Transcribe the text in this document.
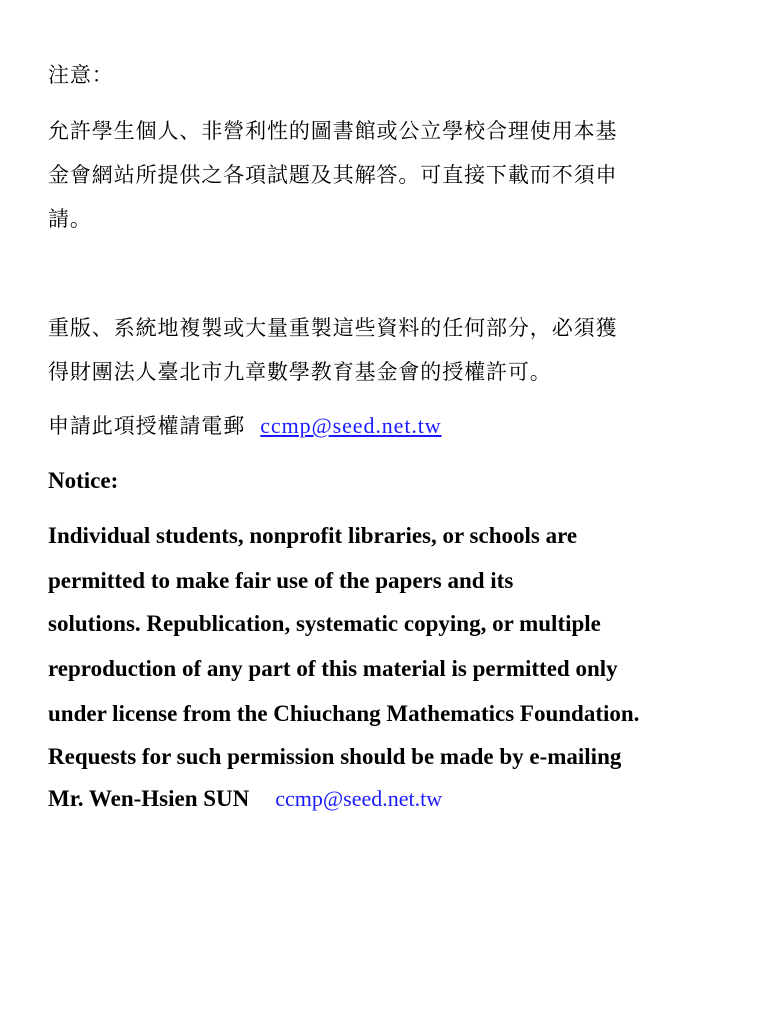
注意：
允許學生個人、非營利性的圖書館或公立學校合理使用本基
金會網站所提供之各項試題及其解答。可直接下載而不須申
請。
重版、系統地複製或大量重製這些資料的任何部分，必須獲
得財團法人臺北市九章數學教育基金會的授權許可。
申請此項授權請電郵 ccmp@seed.net.tw
Notice:
Individual students, nonprofit libraries, or schools are
permitted to make fair use of the papers and its
solutions. Republication, systematic copying, or multiple
reproduction of any part of this material is permitted only
under license from the Chiuchang Mathematics Foundation.
Requests for such permission should be made by e-mailing
Mr. Wen-Hsien SUN ccmp@seed.net.tw
